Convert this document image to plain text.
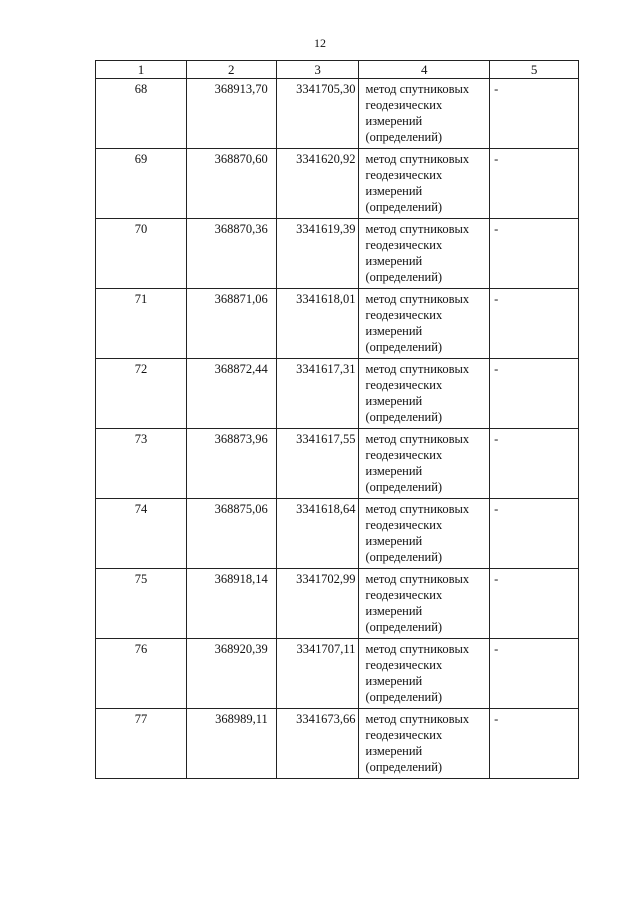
12
1	2	3	4	5

68	368913,70	3341705,30	метод спутниковых
геодезических
измерений
(определений)	-

69	368870,60	3341620,92	метод спутниковых
геодезических
измерений
(определений)	-

70	368870,36	3341619,39	метод спутниковых
геодезических
измерений
(определений)	-

71	368871,06	3341618,01	метод спутниковых
геодезических
измерений
(определений)	-

72	368872,44	3341617,31	метод спутниковых
геодезических
измерений
(определений)	-

73	368873,96	3341617,55	метод спутниковых
геодезических
измерений
(определений)	-

74	368875,06	3341618,64	метод спутниковых
геодезических
измерений
(определений)	-

75	368918,14	3341702,99	метод спутниковых
геодезических
измерений
(определений)	-

76	368920,39	3341707,11	метод спутниковых
геодезических
измерений
(определений)	-

77	368989,11	3341673,66	метод спутниковых
геодезических
измерений
(определений)	-
